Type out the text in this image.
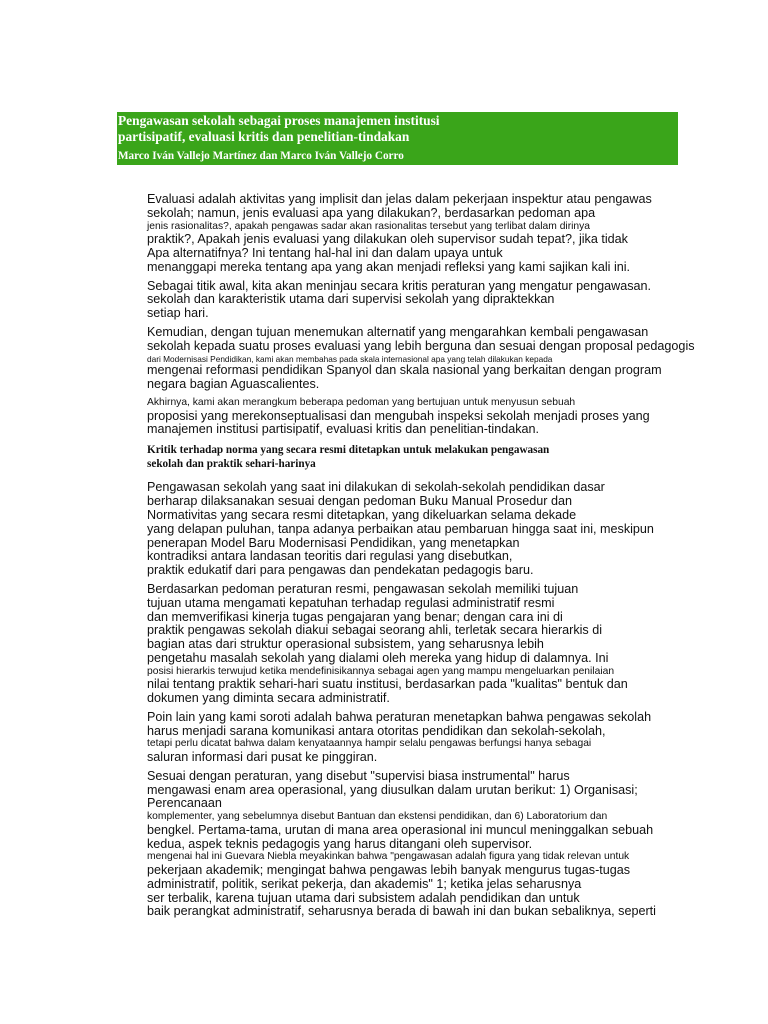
Pengawasan sekolah sebagai proses manajemen institusi
partisipatif, evaluasi kritis dan penelitian-tindakan
Marco Iván Vallejo Martínez dan Marco Iván Vallejo Corro

Evaluasi adalah aktivitas yang implisit dan jelas dalam pekerjaan inspektur atau pengawas
sekolah; namun, jenis evaluasi apa yang dilakukan?, berdasarkan pedoman apa
jenis rasionalitas?, apakah pengawas sadar akan rasionalitas tersebut yang terlibat dalam dirinya
praktik?, Apakah jenis evaluasi yang dilakukan oleh supervisor sudah tepat?, jika tidak
Apa alternatifnya? Ini tentang hal-hal ini dan dalam upaya untuk
menanggapi mereka tentang apa yang akan menjadi refleksi yang kami sajikan kali ini.

Sebagai titik awal, kita akan meninjau secara kritis peraturan yang mengatur pengawasan.
sekolah dan karakteristik utama dari supervisi sekolah yang dipraktekkan
setiap hari.

Kemudian, dengan tujuan menemukan alternatif yang mengarahkan kembali pengawasan
sekolah kepada suatu proses evaluasi yang lebih berguna dan sesuai dengan proposal pedagogis
dari Modernisasi Pendidikan, kami akan membahas pada skala internasional apa yang telah dilakukan kepada
mengenai reformasi pendidikan Spanyol dan skala nasional yang berkaitan dengan program
negara bagian Aguascalientes.

Akhirnya, kami akan merangkum beberapa pedoman yang bertujuan untuk menyusun sebuah
proposisi yang merekonseptualisasi dan mengubah inspeksi sekolah menjadi proses yang
manajemen institusi partisipatif, evaluasi kritis dan penelitian-tindakan.

Kritik terhadap norma yang secara resmi ditetapkan untuk melakukan pengawasan
sekolah dan praktik sehari-harinya

Pengawasan sekolah yang saat ini dilakukan di sekolah-sekolah pendidikan dasar
berharap dilaksanakan sesuai dengan pedoman Buku Manual Prosedur dan
Normativitas yang secara resmi ditetapkan, yang dikeluarkan selama dekade
yang delapan puluhan, tanpa adanya perbaikan atau pembaruan hingga saat ini, meskipun
penerapan Model Baru Modernisasi Pendidikan, yang menetapkan
kontradiksi antara landasan teoritis dari regulasi yang disebutkan,
praktik edukatif dari para pengawas dan pendekatan pedagogis baru.

Berdasarkan pedoman peraturan resmi, pengawasan sekolah memiliki tujuan
tujuan utama mengamati kepatuhan terhadap regulasi administratif resmi
dan memverifikasi kinerja tugas pengajaran yang benar; dengan cara ini di
praktik pengawas sekolah diakui sebagai seorang ahli, terletak secara hierarkis di
bagian atas dari struktur operasional subsistem, yang seharusnya lebih
pengetahu masalah sekolah yang dialami oleh mereka yang hidup di dalamnya. Ini
posisi hierarkis terwujud ketika mendefinisikannya sebagai agen yang mampu mengeluarkan penilaian
nilai tentang praktik sehari-hari suatu institusi, berdasarkan pada "kualitas" bentuk dan
dokumen yang diminta secara administratif.

Poin lain yang kami soroti adalah bahwa peraturan menetapkan bahwa pengawas sekolah
harus menjadi sarana komunikasi antara otoritas pendidikan dan sekolah-sekolah,
tetapi perlu dicatat bahwa dalam kenyataannya hampir selalu pengawas berfungsi hanya sebagai
saluran informasi dari pusat ke pinggiran.

Sesuai dengan peraturan, yang disebut "supervisi biasa instrumental" harus
mengawasi enam area operasional, yang diusulkan dalam urutan berikut: 1) Organisasi;
Perencanaan
komplementer, yang sebelumnya disebut Bantuan dan ekstensi pendidikan, dan 6) Laboratorium dan
bengkel. Pertama-tama, urutan di mana area operasional ini muncul meninggalkan sebuah
kedua, aspek teknis pedagogis yang harus ditangani oleh supervisor.
mengenai hal ini Guevara Niebla meyakinkan bahwa "pengawasan adalah figura yang tidak relevan untuk
pekerjaan akademik; mengingat bahwa pengawas lebih banyak mengurus tugas-tugas
administratif, politik, serikat pekerja, dan akademis" 1; ketika jelas seharusnya
ser terbalik, karena tujuan utama dari subsistem adalah pendidikan dan untuk
baik perangkat administratif, seharusnya berada di bawah ini dan bukan sebaliknya, seperti
